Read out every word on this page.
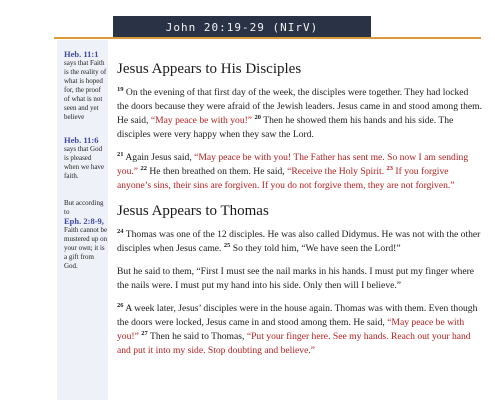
John 20:19-29 (NIrV)
Heb. 11:1
says that Faith is the reality of what is hoped for, the proof of what is not seen and yet believe
Heb. 11:6
says that God is pleased when we have faith.
But according to
Eph. 2:8-9,
Faith cannot be mustered up on your own; it is a gift from God.
Jesus Appears to His Disciples

$^{19}$ On the evening of that first day of the week, the disciples were together. They had locked the doors because they were afraid of the Jewish leaders. Jesus came in and stood among them. He said, “May peace be with you!” $^{20}$ Then he showed them his hands and his side. The disciples were very happy when they saw the Lord.

$^{21}$ Again Jesus said, “May peace be with you! The Father has sent me. So now I am sending you.” $^{22}$ He then breathed on them. He said, “Receive the Holy Spirit. $^{23}$ If you forgive anyone’s sins, their sins are forgiven. If you do not forgive them, they are not forgiven.”

Jesus Appears to Thomas

$^{24}$ Thomas was one of the 12 disciples. He was also called Didymus. He was not with the other disciples when Jesus came. $^{25}$ So they told him, “We have seen the Lord!”

But he said to them, “First I must see the nail marks in his hands. I must put my finger where the nails were. I must put my hand into his side. Only then will I believe.”

$^{26}$ A week later, Jesus’ disciples were in the house again. Thomas was with them. Even though the doors were locked, Jesus came in and stood among them. He said, “May peace be with you!” $^{27}$ Then he said to Thomas, “Put your finger here. See my hands. Reach out your hand and put it into my side. Stop doubting and believe.”
